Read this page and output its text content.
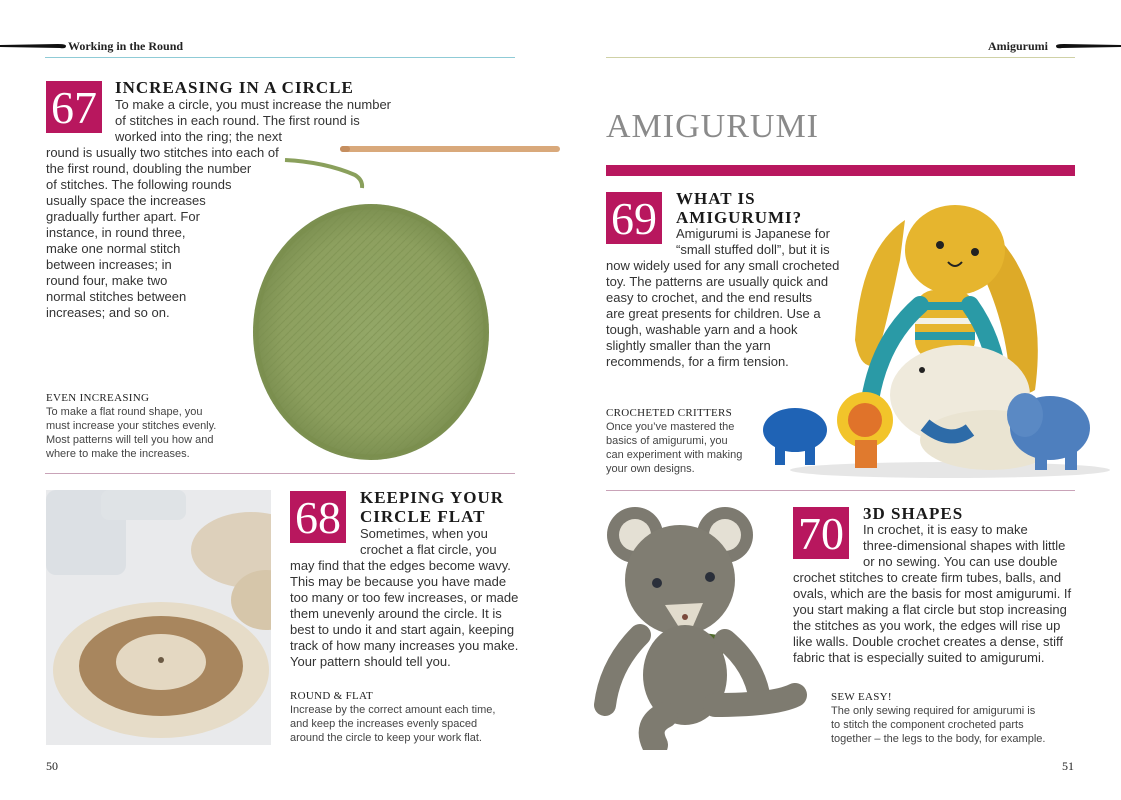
Working in the Round
67 INCREASING IN A CIRCLE
To make a circle, you must increase the number
of stitches in each round. The first round is
worked into the ring; the next
round is usually two stitches into each of
the first round, doubling the number
of stitches. The following rounds
usually space the increases
gradually further apart. For
instance, in round three,
make one normal stitch
between increases; in
round four, make two
normal stitches between
increases; and so on.
EVEN INCREASING
To make a flat round shape, you
must increase your stitches evenly.
Most patterns will tell you how and
where to make the increases.
68 KEEPING YOUR
CIRCLE FLAT
Sometimes, when you
crochet a flat circle, you
may find that the edges become wavy.
This may be because you have made
too many or too few increases, or made
them unevenly around the circle. It is
best to undo it and start again, keeping
track of how many increases you make.
Your pattern should tell you.
ROUND & FLAT
Increase by the correct amount each time,
and keep the increases evenly spaced
around the circle to keep your work flat.
50
Amigurumi
AMIGURUMI
69 WHAT IS
AMIGURUMI?
Amigurumi is Japanese for
“small stuffed doll”, but it is
now widely used for any small crocheted
toy. The patterns are usually quick and
easy to crochet, and the end results
are great presents for children. Use a
tough, washable yarn and a hook
slightly smaller than the yarn
recommends, for a firm tension.
CROCHETED CRITTERS
Once you’ve mastered the
basics of amigurumi, you
can experiment with making
your own designs.
70 3D SHAPES
In crochet, it is easy to make
three-dimensional shapes with little
or no sewing. You can use double
crochet stitches to create firm tubes, balls, and
ovals, which are the basis for most amigurumi. If
you start making a flat circle but stop increasing
the stitches as you work, the edges will rise up
like walls. Double crochet creates a dense, stiff
fabric that is especially suited to amigurumi.
SEW EASY!
The only sewing required for amigurumi is
to stitch the component crocheted parts
together – the legs to the body, for example.
51
